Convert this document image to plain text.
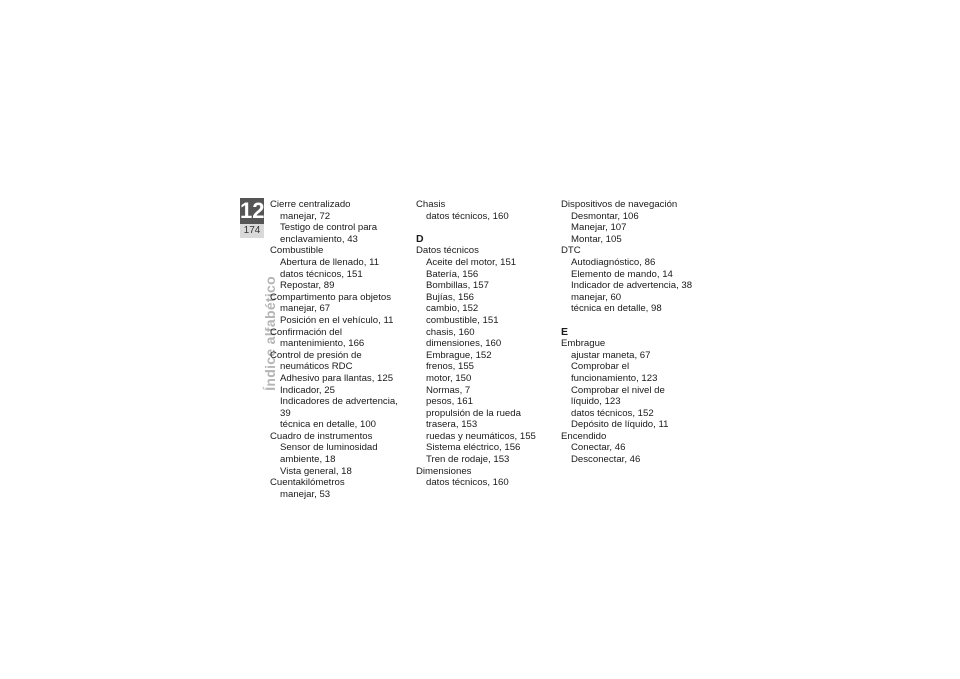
12
174
Índice alfabético
Cierre centralizado
manejar, 72
Testigo de control para
enclavamiento, 43
Combustible
Abertura de llenado, 11
datos técnicos, 151
Repostar, 89
Compartimento para objetos
manejar, 67
Posición en el vehículo, 11
Confirmación del
mantenimiento, 166
Control de presión de
neumáticos RDC
Adhesivo para llantas, 125
Indicador, 25
Indicadores de advertencia, 39
técnica en detalle, 100
Cuadro de instrumentos
Sensor de luminosidad
ambiente, 18
Vista general, 18
Cuentakilómetros
manejar, 53
Chasis
datos técnicos, 160
D
Datos técnicos
Aceite del motor, 151
Batería, 156
Bombillas, 157
Bujías, 156
cambio, 152
combustible, 151
chasis, 160
dimensiones, 160
Embrague, 152
frenos, 155
motor, 150
Normas, 7
pesos, 161
propulsión de la rueda
trasera, 153
ruedas y neumáticos, 155
Sistema eléctrico, 156
Tren de rodaje, 153
Dimensiones
datos técnicos, 160
Dispositivos de navegación
Desmontar, 106
Manejar, 107
Montar, 105
DTC
Autodiagnóstico, 86
Elemento de mando, 14
Indicador de advertencia, 38
manejar, 60
técnica en detalle, 98
E
Embrague
ajustar maneta, 67
Comprobar el
funcionamiento, 123
Comprobar el nivel de
líquido, 123
datos técnicos, 152
Depósito de líquido, 11
Encendido
Conectar, 46
Desconectar, 46
